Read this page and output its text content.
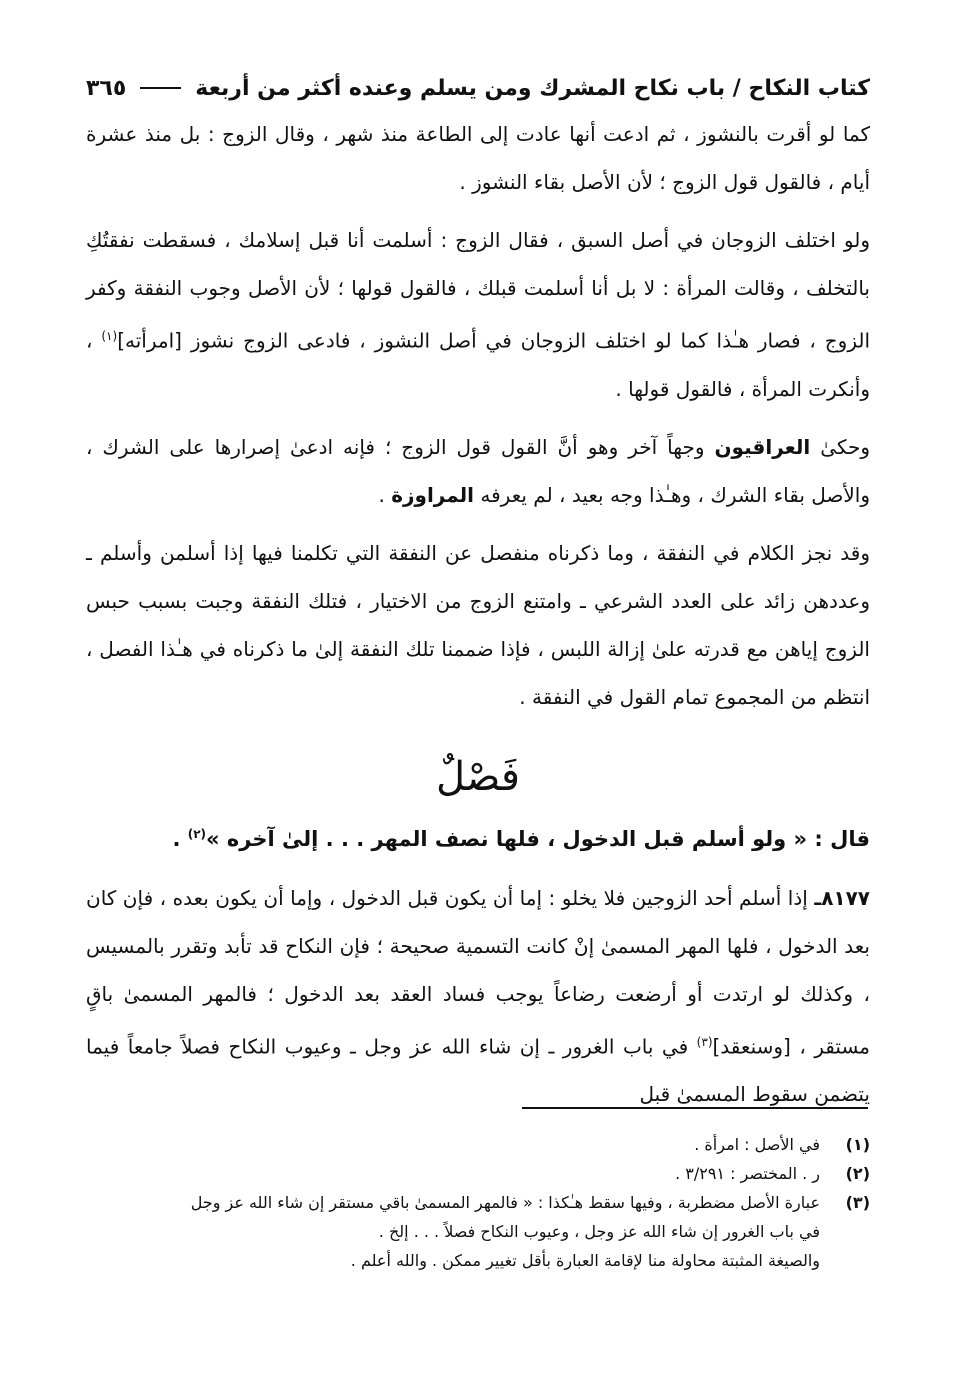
كتاب النكاح / باب نكاح المشرك ومن يسلم وعنده أكثر من أربعة
٣٦٥

كما لو أقرت بالنشوز ، ثم ادعت أنها عادت إلى الطاعة منذ شهر ، وقال الزوج : بل منذ عشرة أيام ، فالقول قول الزوج ؛ لأن الأصل بقاء النشوز .

ولو اختلف الزوجان في أصل السبق ، فقال الزوج : أسلمت أنا قبل إسلامك ، فسقطت نفقتُكِ بالتخلف ، وقالت المرأة : لا بل أنا أسلمت قبلك ، فالقول قولها ؛ لأن الأصل وجوب النفقة وكفر الزوج ، فصار هـٰذا كما لو اختلف الزوجان في أصل النشوز ، فادعى الزوج نشوز [امرأته]$^{(١)}$ ، وأنكرت المرأة ، فالقول قولها .

وحكىٰ العراقيون وجهاً آخر وهو أنَّ القول قول الزوج ؛ فإنه ادعىٰ إصرارها على الشرك ، والأصل بقاء الشرك ، وهـٰذا وجه بعيد ، لم يعرفه المراوزة .

وقد نجز الكلام في النفقة ، وما ذكرناه منفصل عن النفقة التي تكلمنا فيها إذا أسلمن وأسلم ـ وعددهن زائد على العدد الشرعي ـ وامتنع الزوج من الاختيار ، فتلك النفقة وجبت بسبب حبس الزوج إياهن مع قدرته علىٰ إزالة اللبس ، فإذا ضممنا تلك النفقة إلىٰ ما ذكرناه في هـٰذا الفصل ، انتظم من المجموع تمام القول في النفقة .

فَصْلٌ

قال : « ولو أسلم قبل الدخول ، فلها نصف المهر . . . إلىٰ آخره »$^{(٢)}$ .

٨١٧٧ـ إذا أسلم أحد الزوجين فلا يخلو : إما أن يكون قبل الدخول ، وإما أن يكون بعده ، فإن كان بعد الدخول ، فلها المهر المسمىٰ إنْ كانت التسمية صحيحة ؛ فإن النكاح قد تأبد وتقرر بالمسيس ، وكذلك لو ارتدت أو أرضعت رضاعاً يوجب فساد العقد بعد الدخول ؛ فالمهر المسمىٰ باقٍ مستقر ، [وسنعقد]$^{(٣)}$ في باب الغرور ـ إن شاء الله عز وجل ـ وعيوب النكاح فصلاً جامعاً فيما يتضمن سقوط المسمىٰ قبل

(١)
في الأصل : امرأة .
(٢)
ر . المختصر : ٣/٢٩١ .
(٣)
عبارة الأصل مضطربة ، وفيها سقط هـٰكذا : « فالمهر المسمىٰ باقي مستقر إن شاء الله عز وجل
في باب الغرور إن شاء الله عز وجل ، وعيوب النكاح فصلاً . . . إلخ .
والصيغة المثبتة محاولة منا لإقامة العبارة بأقل تغيير ممكن . والله أعلم .
